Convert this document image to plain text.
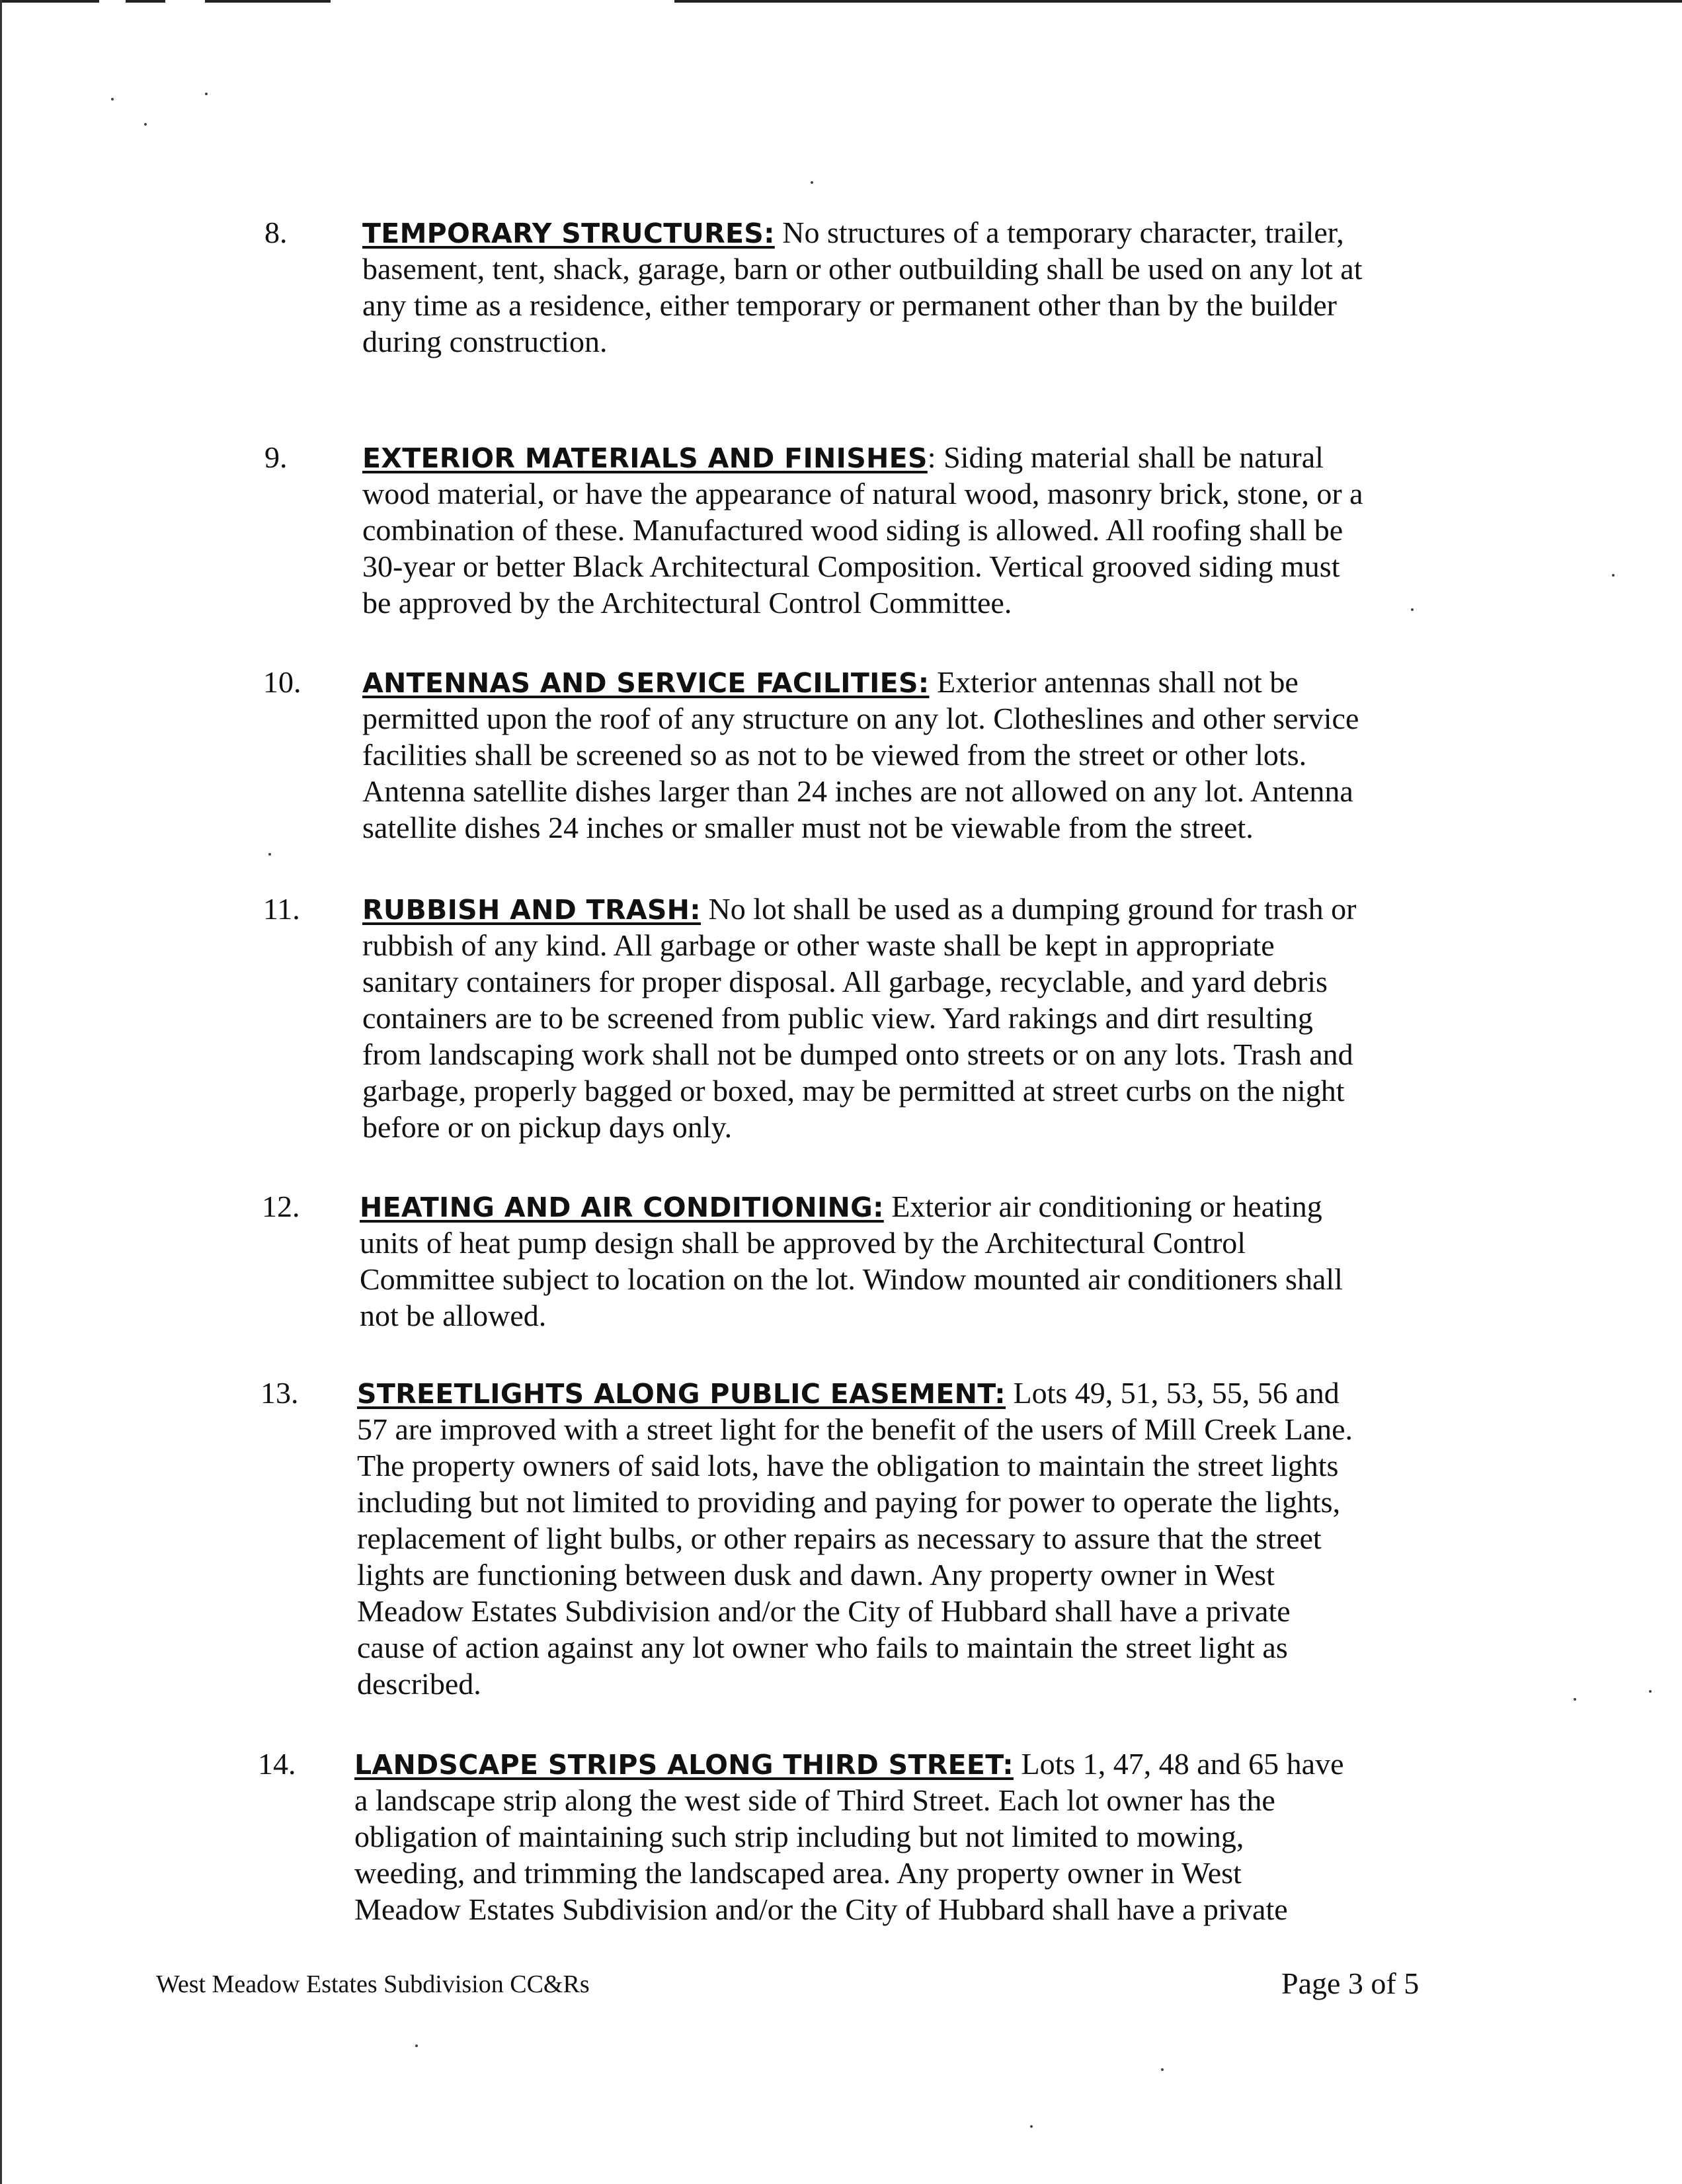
8.	TEMPORARY STRUCTURES: No structures of a temporary character, trailer,
basement, tent, shack, garage, barn or other outbuilding shall be used on any lot at
any time as a residence, either temporary or permanent other than by the builder
during construction.
9.	EXTERIOR MATERIALS AND FINISHES: Siding material shall be natural
wood material, or have the appearance of natural wood, masonry brick, stone, or a
combination of these. Manufactured wood siding is allowed. All roofing shall be
30-year or better Black Architectural Composition. Vertical grooved siding must
be approved by the Architectural Control Committee.
10. ANTENNAS AND SERVICE FACILITIES: Exterior antennas shall not be
permitted upon the roof of any structure on any lot. Clotheslines and other service
facilities shall be screened so as not to be viewed from the street or other lots.
Antenna satellite dishes larger than 24 inches are not allowed on any lot. Antenna
satellite dishes 24 inches or smaller must not be viewable from the street.
11. RUBBISH AND TRASH: No lot shall be used as a dumping ground for trash or
rubbish of any kind. All garbage or other waste shall be kept in appropriate
sanitary containers for proper disposal. All garbage, recyclable, and yard debris
containers are to be screened from public view. Yard rakings and dirt resulting
from landscaping work shall not be dumped onto streets or on any lots. Trash and
garbage, properly bagged or boxed, may be permitted at street curbs on the night
before or on pickup days only.
12. HEATING AND AIR CONDITIONING: Exterior air conditioning or heating
units of heat pump design shall be approved by the Architectural Control
Committee subject to location on the lot. Window mounted air conditioners shall
not be allowed.
13. STREETLIGHTS ALONG PUBLIC EASEMENT: Lots 49, 51, 53, 55, 56 and
57 are improved with a street light for the benefit of the users of Mill Creek Lane.
The property owners of said lots, have the obligation to maintain the street lights
including but not limited to providing and paying for power to operate the lights,
replacement of light bulbs, or other repairs as necessary to assure that the street
lights are functioning between dusk and dawn. Any property owner in West
Meadow Estates Subdivision and/or the City of Hubbard shall have a private
cause of action against any lot owner who fails to maintain the street light as
described.
14. LANDSCAPE STRIPS ALONG THIRD STREET: Lots 1, 47, 48 and 65 have
a landscape strip along the west side of Third Street. Each lot owner has the
obligation of maintaining such strip including but not limited to mowing,
weeding, and trimming the landscaped area. Any property owner in West
Meadow Estates Subdivision and/or the City of Hubbard shall have a private
West Meadow Estates Subdivision CC&Rs	Page 3 of 5
